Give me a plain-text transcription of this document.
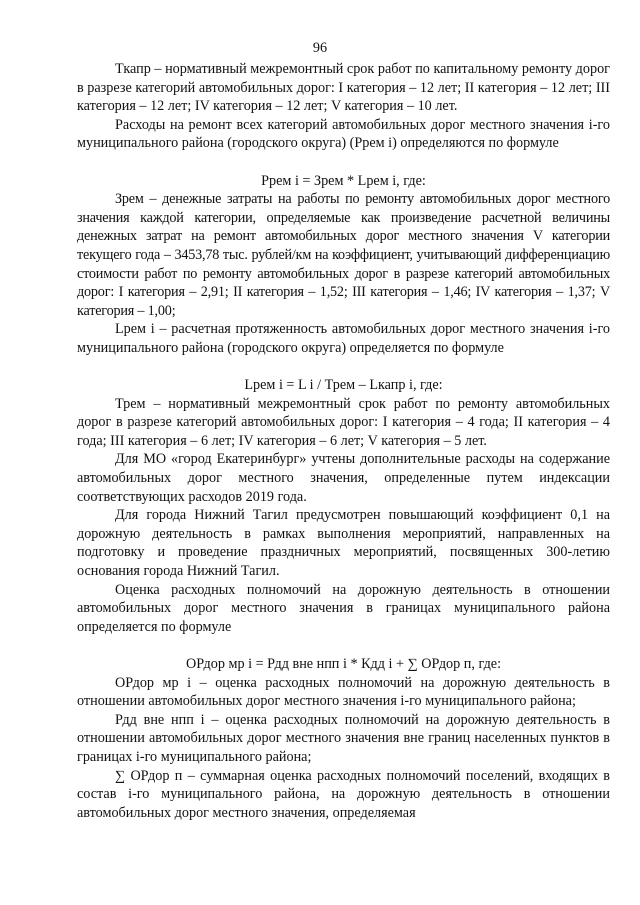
96

Ткапр – нормативный межремонтный срок работ по капитальному ремонту дорог в разрезе категорий автомобильных дорог: I категория – 12 лет; II категория – 12 лет; III категория – 12 лет; IV категория – 12 лет; V категория – 10 лет.

Расходы на ремонт всех категорий автомобильных дорог местного значения i-го муниципального района (городского округа) (Ррем i) определяются по формуле

Ррем i = Зрем * Lрем i, где:

Зрем – денежные затраты на работы по ремонту автомобильных дорог местного значения каждой категории, определяемые как произведение расчетной величины денежных затрат на ремонт автомобильных дорог местного значения V категории текущего года – 3453,78 тыс. рублей/км на коэффициент, учитывающий дифференциацию стоимости работ по ремонту автомобильных дорог в разрезе категорий автомобильных дорог: I категория – 2,91; II категория – 1,52; III категория – 1,46; IV категория – 1,37; V категория – 1,00;

Lрем i – расчетная протяженность автомобильных дорог местного значения i-го муниципального района (городского округа) определяется по формуле

Lрем i = L i / Трем – Lкапр i, где:

Трем – нормативный межремонтный срок работ по ремонту автомобильных дорог в разрезе категорий автомобильных дорог: I категория – 4 года; II категория – 4 года; III категория – 6 лет; IV категория – 6 лет; V категория – 5 лет.

Для МО «город Екатеринбург» учтены дополнительные расходы на содержание автомобильных дорог местного значения, определенные путем индексации соответствующих расходов 2019 года.

Для города Нижний Тагил предусмотрен повышающий коэффициент 0,1 на дорожную деятельность в рамках выполнения мероприятий, направленных на подготовку и проведение праздничных мероприятий, посвященных 300-летию основания города Нижний Тагил.

Оценка расходных полномочий на дорожную деятельность в отношении автомобильных дорог местного значения в границах муниципального района определяется по формуле

ОРдор мр i = Рдд вне нпп i * Кдд i + ∑ ОРдор п, где:

ОРдор мр i – оценка расходных полномочий на дорожную деятельность в отношении автомобильных дорог местного значения i-го муниципального района;

Рдд вне нпп i – оценка расходных полномочий на дорожную деятельность в отношении автомобильных дорог местного значения вне границ населенных пунктов в границах i-го муниципального района;

∑ ОРдор п – суммарная оценка расходных полномочий поселений, входящих в состав i-го муниципального района, на дорожную деятельность в отношении автомобильных дорог местного значения, определяемая
